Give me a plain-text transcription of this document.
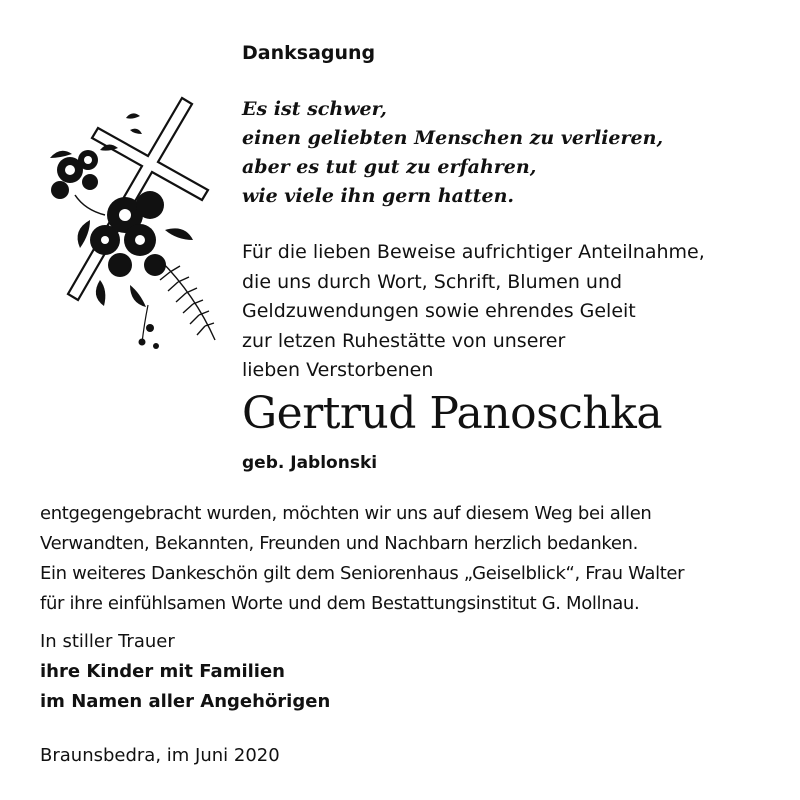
Danksagung
Es ist schwer,
einen geliebten Menschen zu verlieren,
aber es tut gut zu erfahren,
wie viele ihn gern hatten.
Für die lieben Beweise aufrichtiger Anteilnahme,
die uns durch Wort, Schrift, Blumen und
Geldzuwendungen sowie ehrendes Geleit
zur letzen Ruhestätte von unserer
lieben Verstorbenen
Gertrud Panoschka
geb. Jablonski
entgegengebracht wurden, möchten wir uns auf diesem Weg bei allen
Verwandten, Bekannten, Freunden und Nachbarn herzlich bedanken.
Ein weiteres Dankeschön gilt dem Seniorenhaus „Geiselblick“, Frau Walter
für ihre einfühlsamen Worte und dem Bestattungsinstitut G. Mollnau.
In stiller Trauer
ihre Kinder mit Familien
im Namen aller Angehörigen
Braunsbedra, im Juni 2020
